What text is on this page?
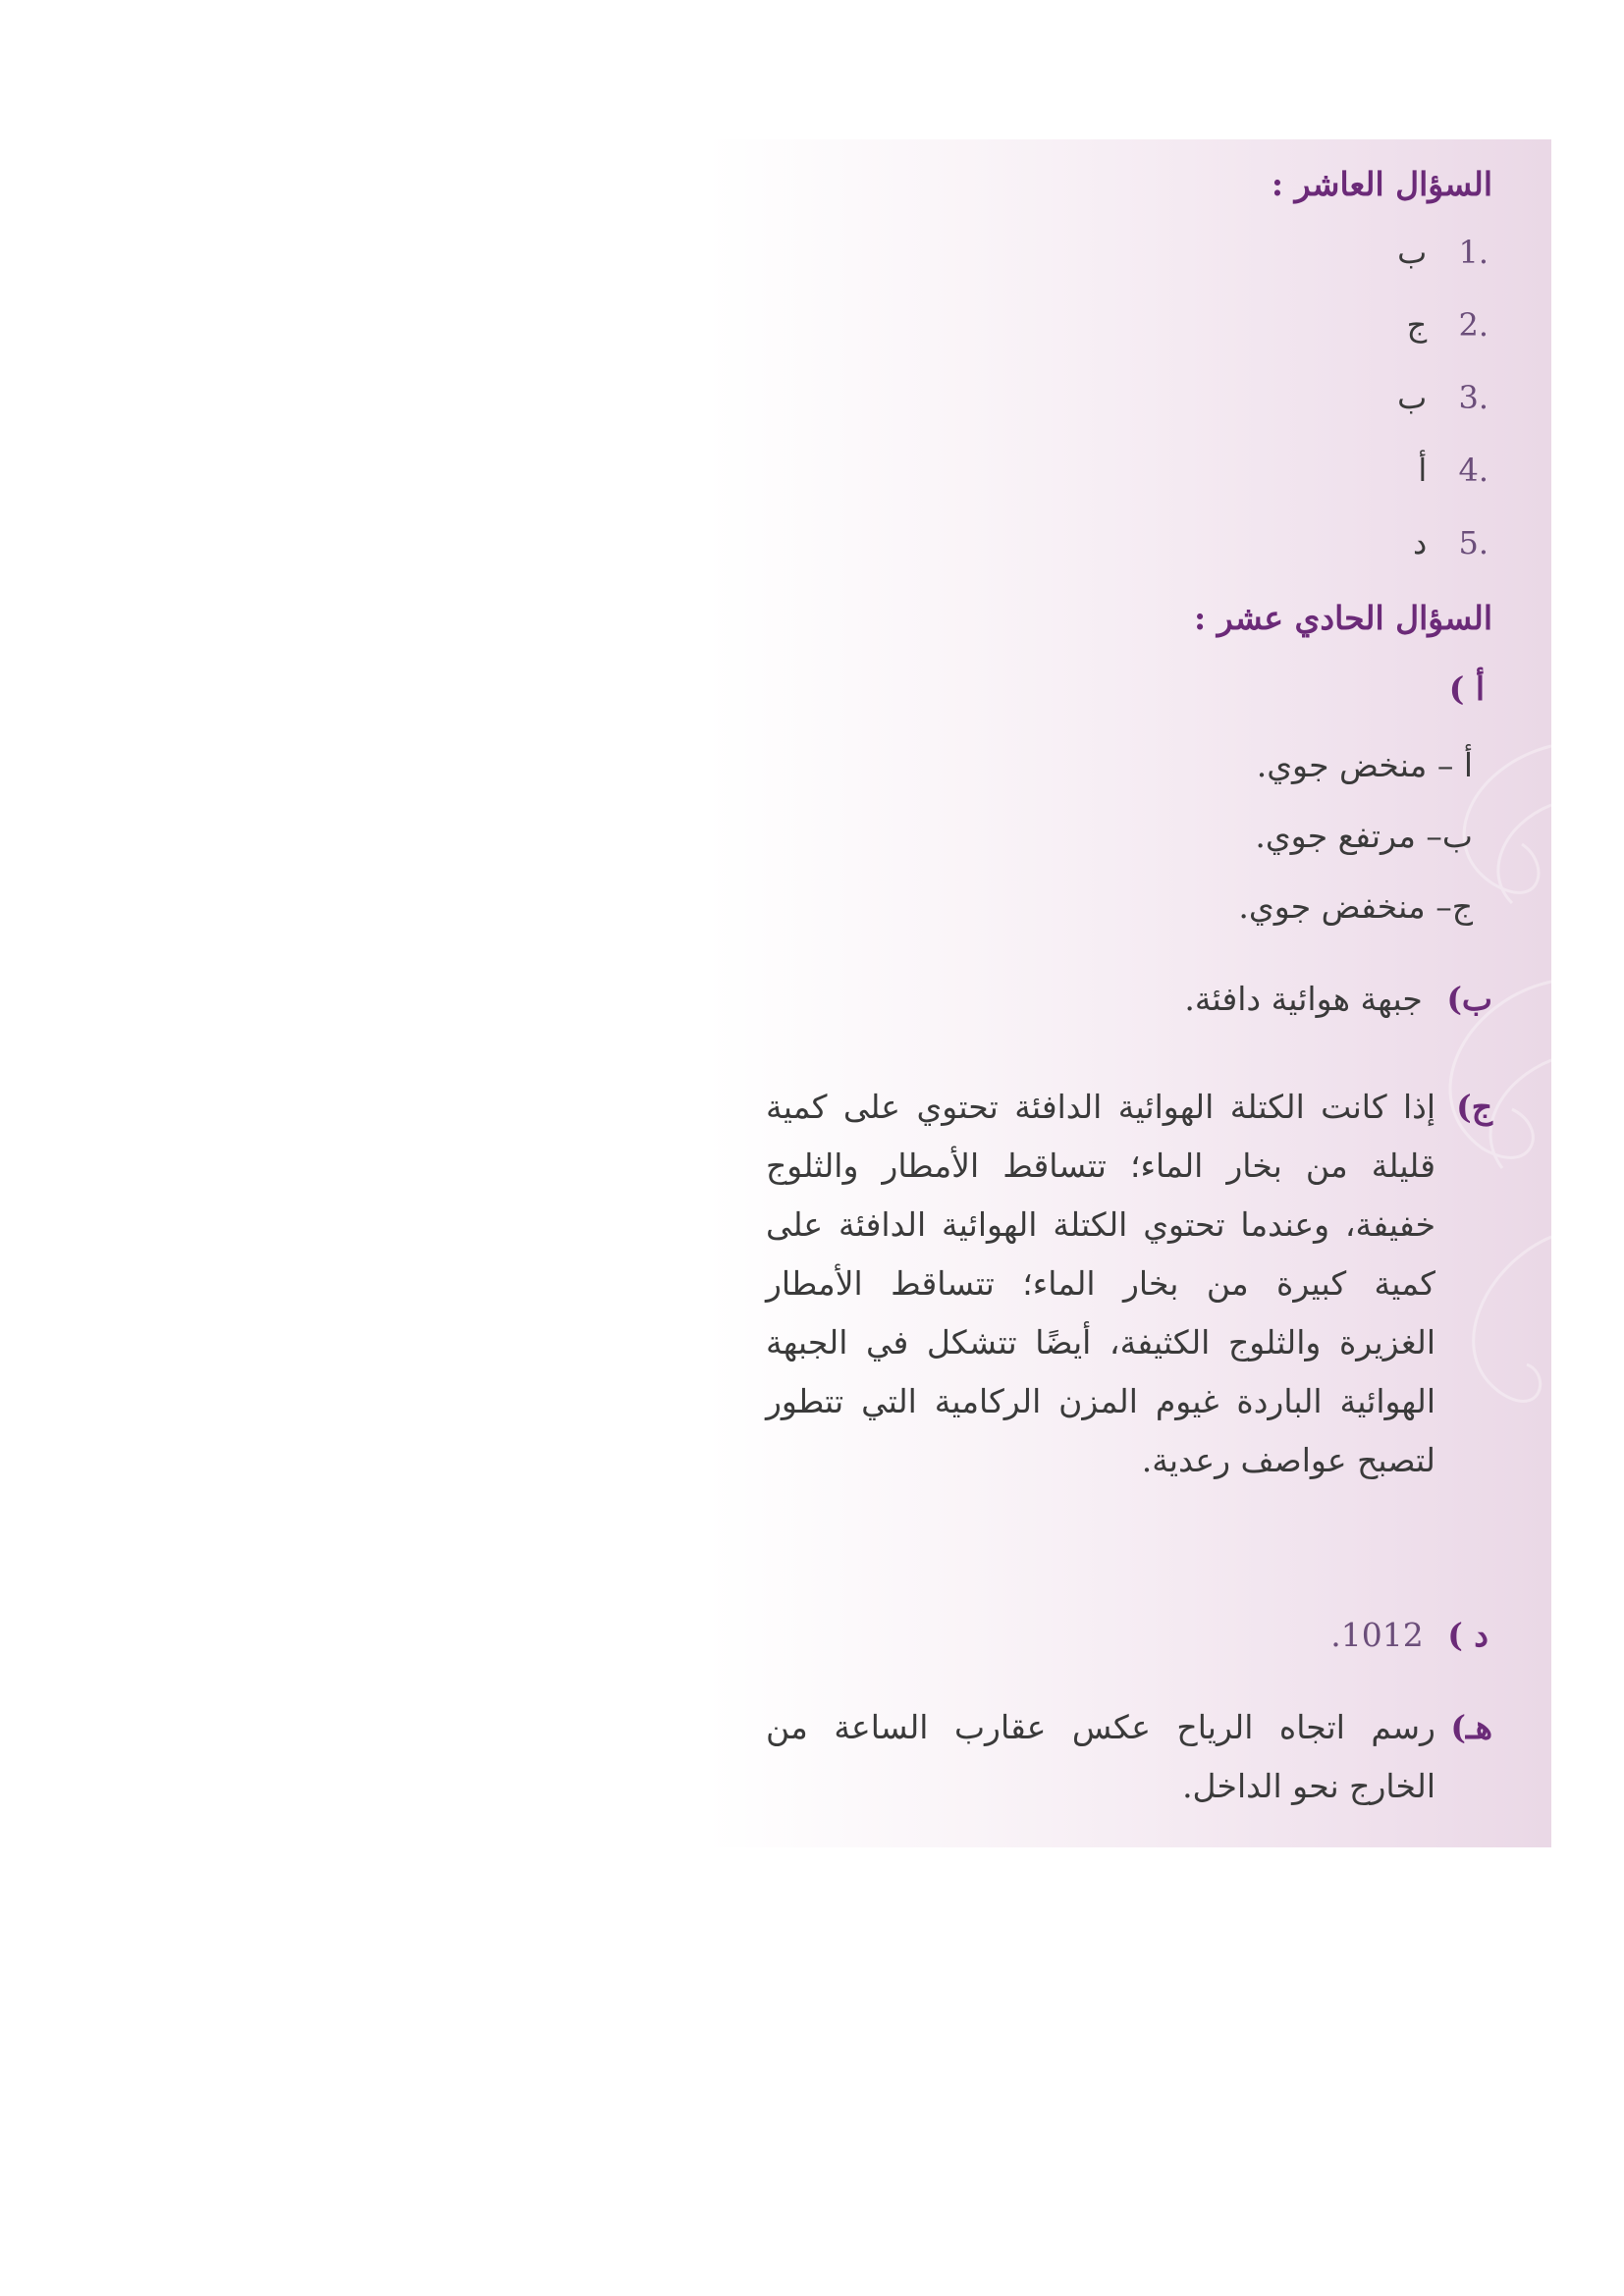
السؤال العاشر :
1. ب
2. ج
3. ب
4. أ
5. د
السؤال الحادي عشر :
أ )
أ – منخض جوي.
ب– مرتفع جوي.
ج– منخفض جوي.
ب) جبهة هوائية دافئة.
ج)
إذا كانت الكتلة الهوائية الدافئة تحتوي على كمية قليلة من بخار الماء؛ تتساقط الأمطار والثلوج خفيفة، وعندما تحتوي الكتلة الهوائية الدافئة على كمية كبيرة من بخار الماء؛ تتساقط الأمطار الغزيرة والثلوج الكثيفة، أيضًا تتشكل في الجبهة الهوائية الباردة غيوم المزن الركامية التي تتطور لتصبح عواصف رعدية.
د ) 1012.
هـ)
رسم اتجاه الرياح عكس عقارب الساعة من الخارج نحو الداخل.
